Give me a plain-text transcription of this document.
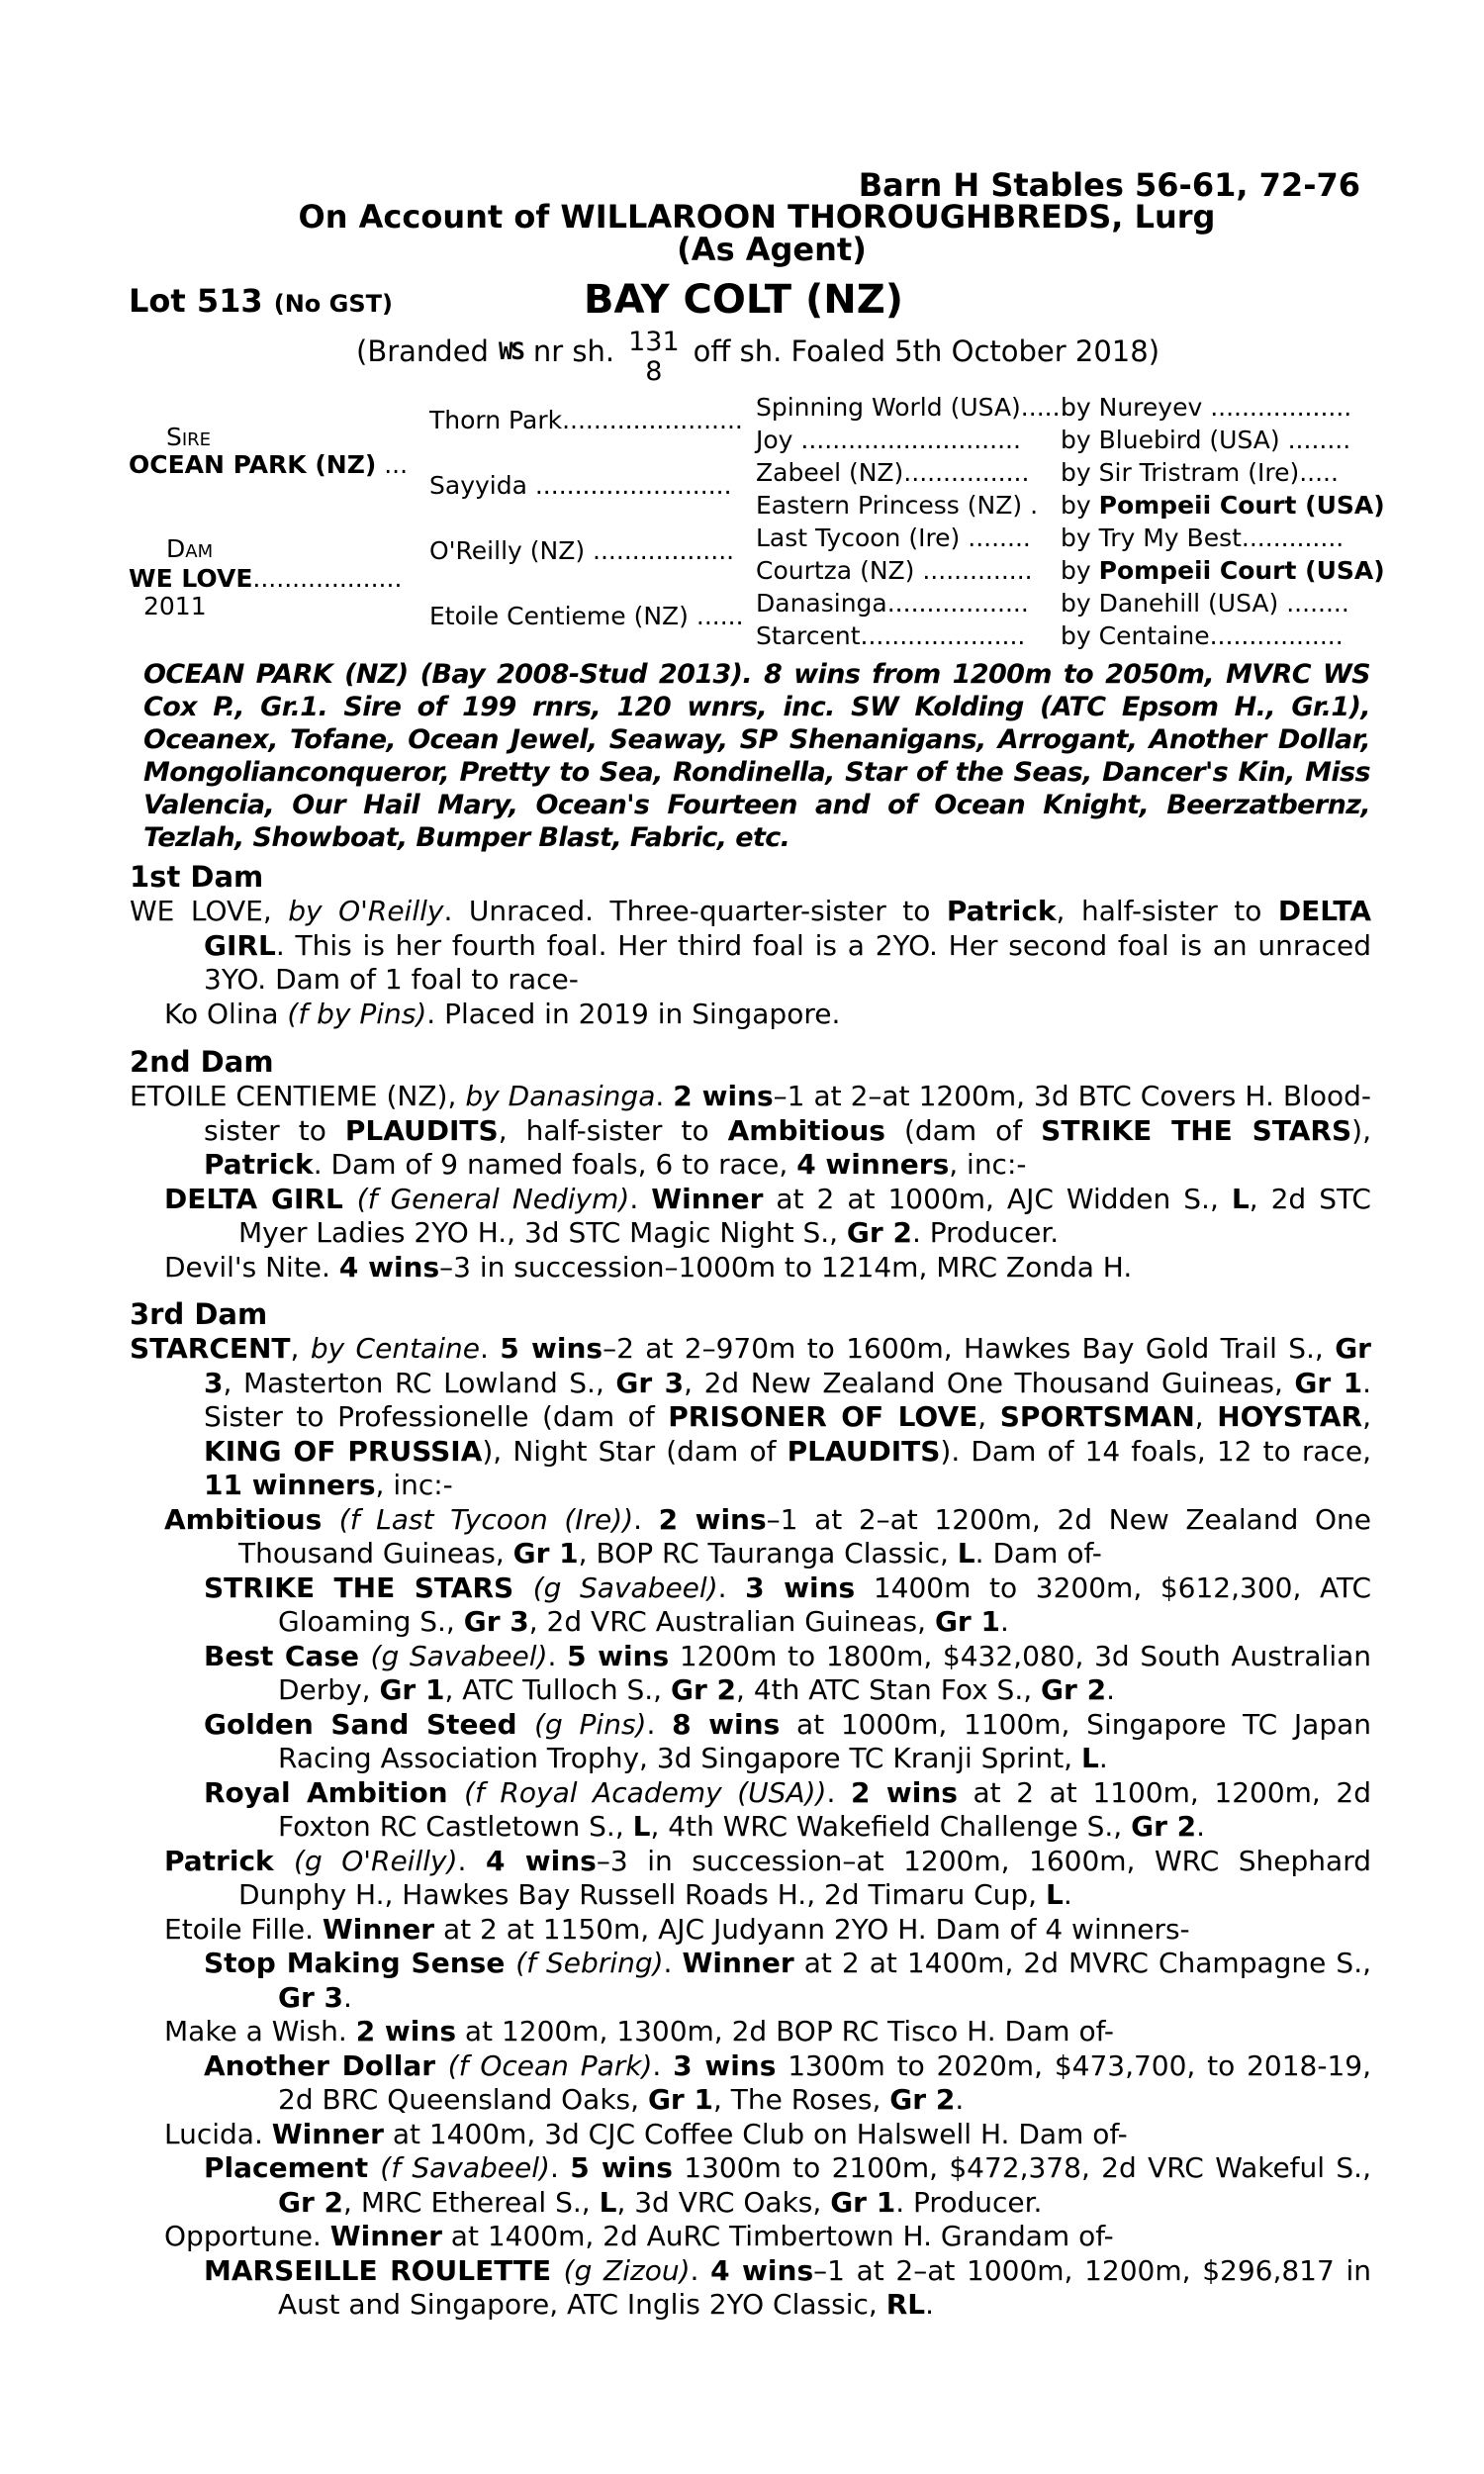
Barn H Stables 56-61, 72-76
On Account of WILLAROON THOROUGHBREDS, Lurg
(As Agent)
Lot 513 (No GST)	BAY COLT (NZ)
(Branded WS nr sh. 131
8
off sh. Foaled 5th October 2018)
Sire
OCEAN PARK (NZ) ...
Dam
WE LOVE...................
2011
Thorn Park.......................
Sayyida .........................
O'Reilly (NZ) ..................
Etoile Centieme (NZ) ......
Spinning World (USA)......
Joy ............................
Zabeel (NZ)................
Eastern Princess (NZ) .
Last Tycoon (Ire) ........
Courtza (NZ) ..............
Danasinga..................
Starcent.....................
by Nureyev ..................
by Bluebird (USA) ........
by Sir Tristram (Ire).....
by Pompeii Court (USA)
by Try My Best.............
by Pompeii Court (USA)
by Danehill (USA) ........
by Centaine.................
OCEAN PARK (NZ) (Bay 2008-Stud 2013). 8 wins from 1200m to 2050m, MVRC WS Cox P., Gr.1. Sire of 199 rnrs, 120 wnrs, inc. SW Kolding (ATC Epsom H., Gr.1), Oceanex, Tofane, Ocean Jewel, Seaway, SP Shenanigans, Arrogant, Another Dollar, Mongolianconqueror, Pretty to Sea, Rondinella, Star of the Seas, Dancer's Kin, Miss Valencia, Our Hail Mary, Ocean's Fourteen and of Ocean Knight, Beerzatbernz, Tezlah, Showboat, Bumper Blast, Fabric, etc.
1st Dam
WE LOVE, by O'Reilly. Unraced. Three-quarter-sister to Patrick, half-sister to DELTA GIRL. This is her fourth foal. Her third foal is a 2YO. Her second foal is an unraced 3YO. Dam of 1 foal to race-
Ko Olina (f by Pins). Placed in 2019 in Singapore.
2nd Dam
ETOILE CENTIEME (NZ), by Danasinga. 2 wins–1 at 2–at 1200m, 3d BTC Covers H. Blood-sister to PLAUDITS, half-sister to Ambitious (dam of STRIKE THE STARS), Patrick. Dam of 9 named foals, 6 to race, 4 winners, inc:-
DELTA GIRL (f General Nediym). Winner at 2 at 1000m, AJC Widden S., L, 2d STC Myer Ladies 2YO H., 3d STC Magic Night S., Gr 2. Producer.
Devil's Nite. 4 wins–3 in succession–1000m to 1214m, MRC Zonda H.
3rd Dam
STARCENT, by Centaine. 5 wins–2 at 2–970m to 1600m, Hawkes Bay Gold Trail S., Gr 3, Masterton RC Lowland S., Gr 3, 2d New Zealand One Thousand Guineas, Gr 1. Sister to Professionelle (dam of PRISONER OF LOVE, SPORTSMAN, HOYSTAR, KING OF PRUSSIA), Night Star (dam of PLAUDITS). Dam of 14 foals, 12 to race, 11 winners, inc:-
Ambitious (f Last Tycoon (Ire)). 2 wins–1 at 2–at 1200m, 2d New Zealand One Thousand Guineas, Gr 1, BOP RC Tauranga Classic, L. Dam of-
STRIKE THE STARS (g Savabeel). 3 wins 1400m to 3200m, $612,300, ATC Gloaming S., Gr 3, 2d VRC Australian Guineas, Gr 1.
Best Case (g Savabeel). 5 wins 1200m to 1800m, $432,080, 3d South Australian Derby, Gr 1, ATC Tulloch S., Gr 2, 4th ATC Stan Fox S., Gr 2.
Golden Sand Steed (g Pins). 8 wins at 1000m, 1100m, Singapore TC Japan Racing Association Trophy, 3d Singapore TC Kranji Sprint, L.
Royal Ambition (f Royal Academy (USA)). 2 wins at 2 at 1100m, 1200m, 2d Foxton RC Castletown S., L, 4th WRC Wakefield Challenge S., Gr 2.
Patrick (g O'Reilly). 4 wins–3 in succession–at 1200m, 1600m, WRC Shephard Dunphy H., Hawkes Bay Russell Roads H., 2d Timaru Cup, L.
Etoile Fille. Winner at 2 at 1150m, AJC Judyann 2YO H. Dam of 4 winners-
Stop Making Sense (f Sebring). Winner at 2 at 1400m, 2d MVRC Champagne S., Gr 3.
Make a Wish. 2 wins at 1200m, 1300m, 2d BOP RC Tisco H. Dam of-
Another Dollar (f Ocean Park). 3 wins 1300m to 2020m, $473,700, to 2018-19, 2d BRC Queensland Oaks, Gr 1, The Roses, Gr 2.
Lucida. Winner at 1400m, 3d CJC Coffee Club on Halswell H. Dam of-
Placement (f Savabeel). 5 wins 1300m to 2100m, $472,378, 2d VRC Wakeful S., Gr 2, MRC Ethereal S., L, 3d VRC Oaks, Gr 1. Producer.
Opportune. Winner at 1400m, 2d AuRC Timbertown H. Grandam of-
MARSEILLE ROULETTE (g Zizou). 4 wins–1 at 2–at 1000m, 1200m, $296,817 in Aust and Singapore, ATC Inglis 2YO Classic, RL.
